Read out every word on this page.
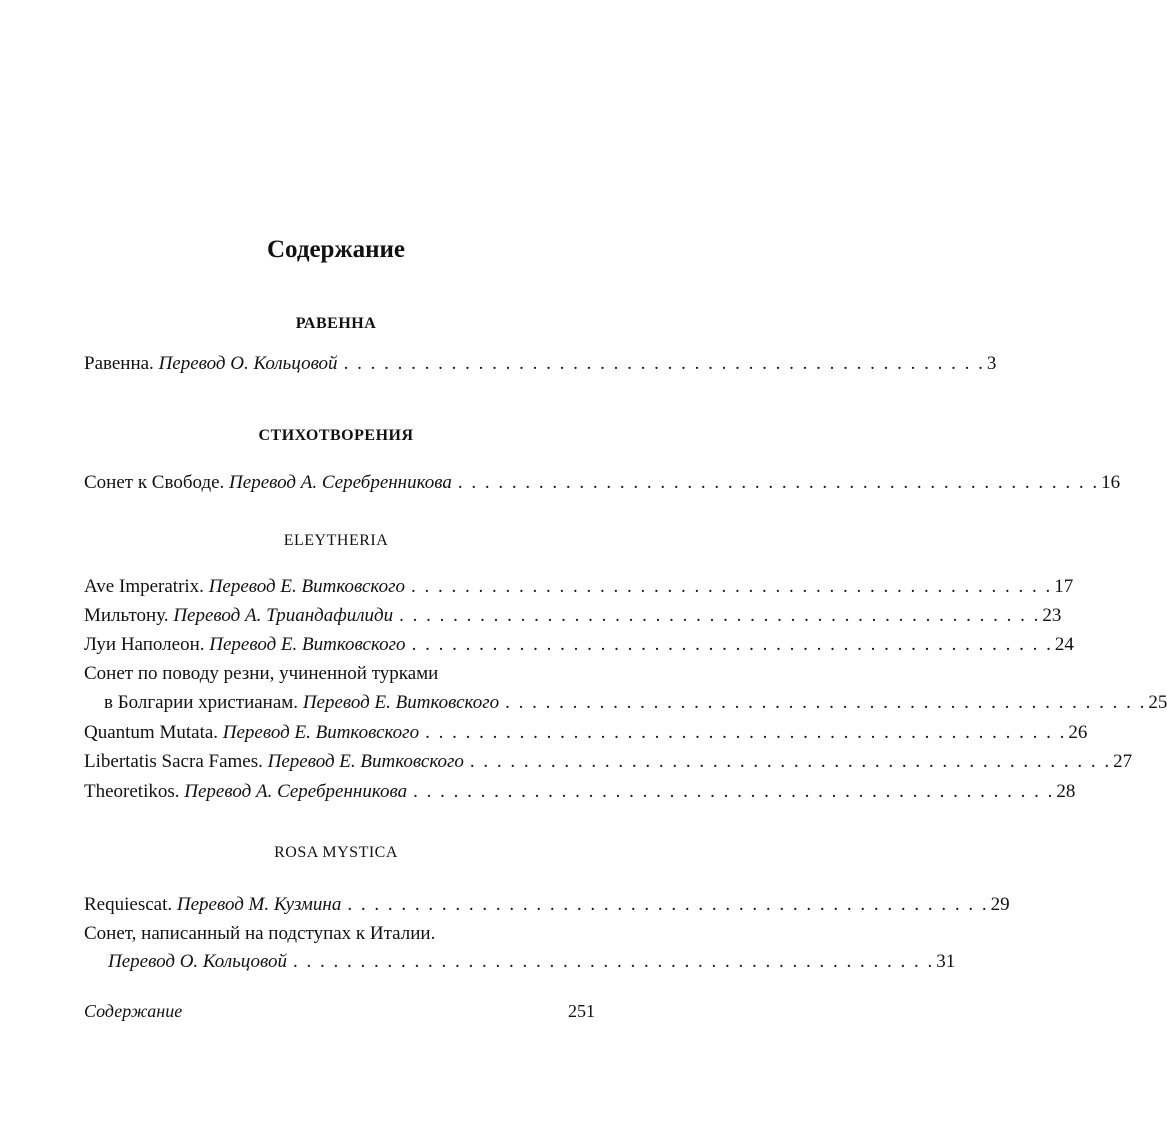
Содержание
РАВЕННА
Равенна.
Перевод О. Кольцовой . . . . . . . . . . . . . . . . . . . . . . . . . . . . . . . . . . . . . . . . . . . . . . . . 3
СТИХОТВОРЕНИЯ
Сонет к Свободе.
Перевод А. Серебренникова . . . . . . . . . . . . . . . . . . . . . . . . . . . . . . . . . . . . . . . . . . . . . . . . 16
ELEYTHERIA
Ave Imperatrix.
Перевод Е. Витковского . . . . . . . . . . . . . . . . . . . . . . . . . . . . . . . . . . . . . . . . . . . . . . . . 17
Мильтону.
Перевод А. Триандафилиди . . . . . . . . . . . . . . . . . . . . . . . . . . . . . . . . . . . . . . . . . . . . . . . . 23
Луи Наполеон.
Перевод Е. Витковского . . . . . . . . . . . . . . . . . . . . . . . . . . . . . . . . . . . . . . . . . . . . . . . . 24
Сонет по поводу резни, учиненной турками
в Болгарии христианам.
Перевод Е. Витковского . . . . . . . . . . . . . . . . . . . . . . . . . . . . . . . . . . . . . . . . . . . . . . . . 25
Quantum Mutata.
Перевод Е. Витковского . . . . . . . . . . . . . . . . . . . . . . . . . . . . . . . . . . . . . . . . . . . . . . . . 26
Libertatis Sacra Fames.
Перевод Е. Витковского . . . . . . . . . . . . . . . . . . . . . . . . . . . . . . . . . . . . . . . . . . . . . . . . 27
Theoretikos.
Перевод А. Серебренникова . . . . . . . . . . . . . . . . . . . . . . . . . . . . . . . . . . . . . . . . . . . . . . . . 28
ROSA MYSTICA
Requiescat.
Перевод М. Кузмина . . . . . . . . . . . . . . . . . . . . . . . . . . . . . . . . . . . . . . . . . . . . . . . . 29
Сонет, написанный на подступах к Италии.
Перевод О. Кольцовой . . . . . . . . . . . . . . . . . . . . . . . . . . . . . . . . . . . . . . . . . . . . . . . . 31
Содержание	251
